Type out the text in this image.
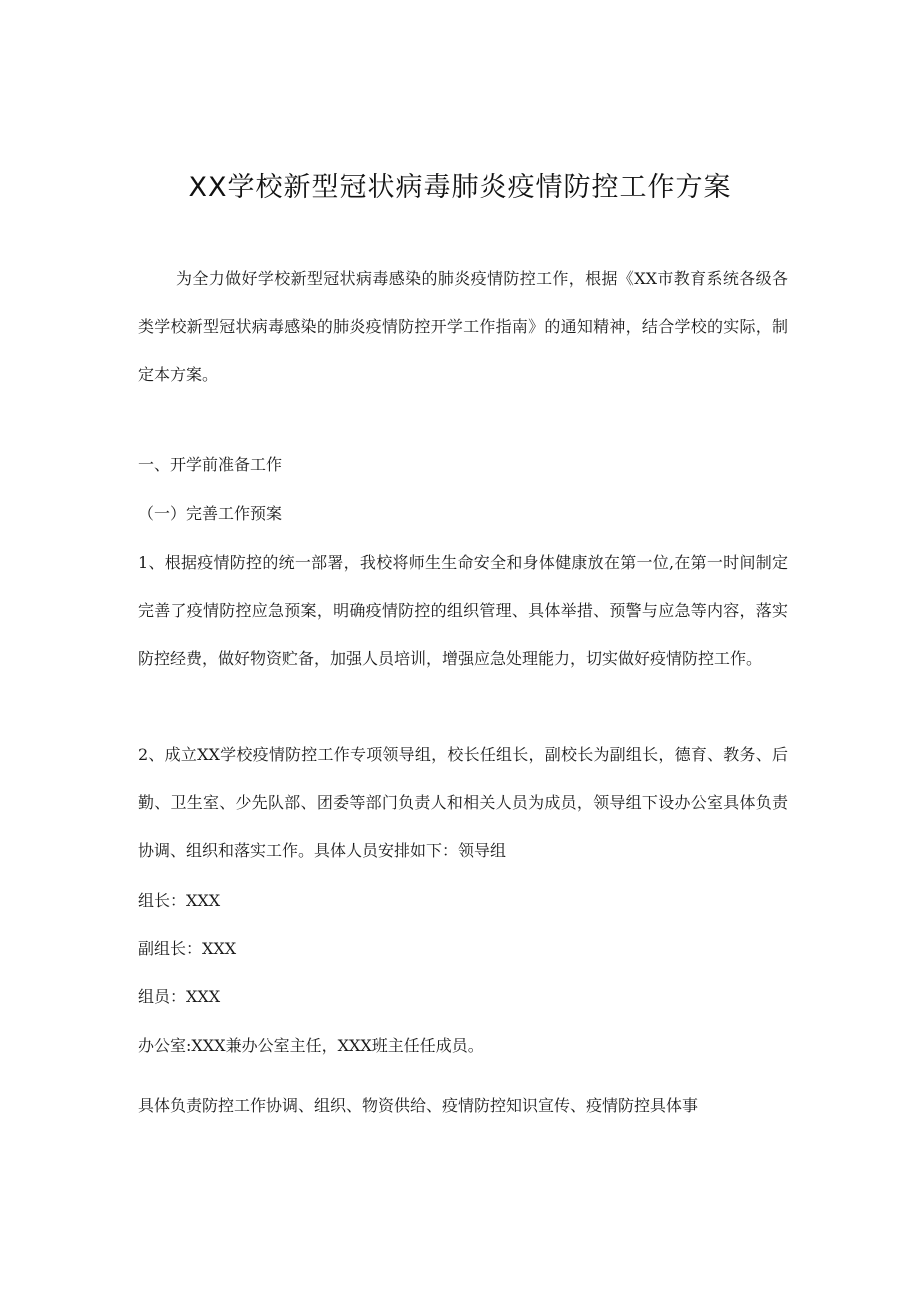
XX学校新型冠状病毒肺炎疫情防控工作方案
为全力做好学校新型冠状病毒感染的肺炎疫情防控工作，根据《XX市教育系统各级各类学校新型冠状病毒感染的肺炎疫情防控开学工作指南》的通知精神，结合学校的实际，制定本方案。
一、开学前准备工作
（一）完善工作预案
1、根据疫情防控的统一部署，我校将师生生命安全和身体健康放在第一位,在第一时间制定完善了疫情防控应急预案，明确疫情防控的组织管理、具体举措、预警与应急等内容，落实防控经费，做好物资贮备，加强人员培训，增强应急处理能力，切实做好疫情防控工作。
2、成立XX学校疫情防控工作专项领导组，校长任组长，副校长为副组长，德育、教务、后勤、卫生室、少先队部、团委等部门负责人和相关人员为成员，领导组下设办公室具体负责协调、组织和落实工作。具体人员安排如下：领导组
组长：XXX
副组长：XXX
组员：XXX
办公室:XXX兼办公室主任，XXX班主任任成员。
具体负责防控工作协调、组织、物资供给、疫情防控知识宣传、疫情防控具体事
